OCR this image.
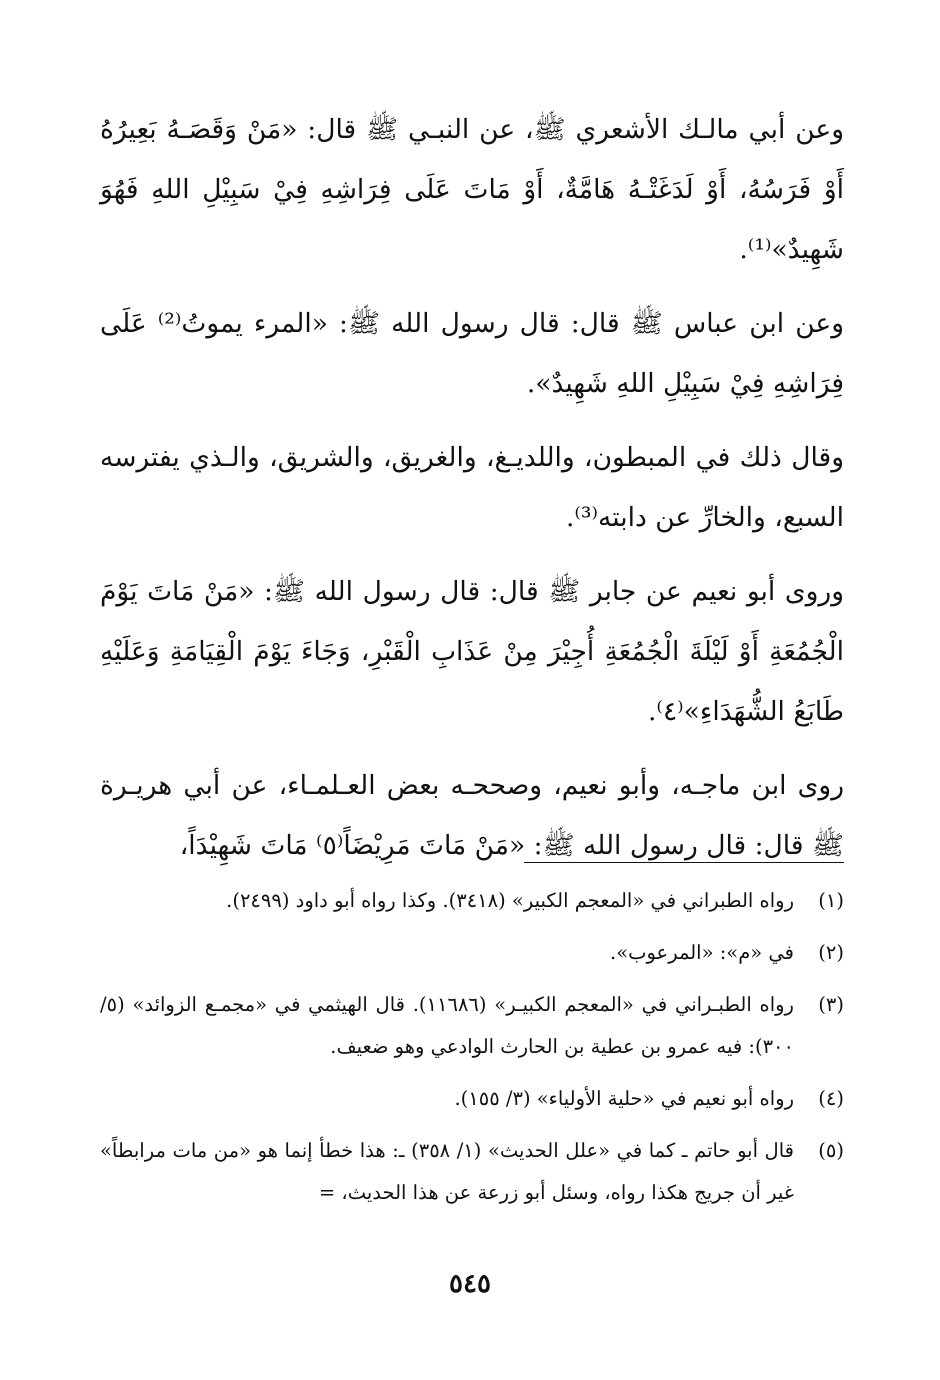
وعن أبي مالـك الأشعري ﷺ، عن النبـي ﷺ قال: «مَنْ وَقَصَـهُ بَعِيرُهُ أَوْ فَرَسُهُ، أَوْ لَدَغَتْـهُ هَامَّةٌ، أَوْ مَاتَ عَلَى فِرَاشِهِ فِيْ سَبِيْلِ اللهِ فَهُوَ شَهِيدٌ»⁽¹⁾.

وعن ابن عباس ﷺ قال: قال رسول الله ﷺ: «المرء يموتُ⁽²⁾ عَلَى فِرَاشِهِ فِيْ سَبِيْلِ اللهِ شَهِيدٌ».

وقال ذلك في المبطون، واللديـغ، والغريق، والشريق، والـذي يفترسه السبع، والخارِّ عن دابته⁽³⁾.

وروى أبو نعيم عن جابر ﷺ قال: قال رسول الله ﷺ: «مَنْ مَاتَ يَوْمَ الْجُمُعَةِ أَوْ لَيْلَةَ الْجُمُعَةِ أُجِيْرَ مِنْ عَذَابِ الْقَبْرِ، وَجَاءَ يَوْمَ الْقِيَامَةِ وَعَلَيْهِ طَابَعُ الشُّهَدَاءِ»⁽٤⁾.

روى ابن ماجـه، وأبو نعيم، وصححـه بعض العـلمـاء، عن أبي هريـرة ﷺ قال: قال رسول الله ﷺ: «مَنْ مَاتَ مَرِيْضَاً⁽٥⁾ مَاتَ شَهِيْدَاً،

(١)
رواه الطبراني في «المعجم الكبير» (٣٤١٨). وكذا رواه أبو داود (٢٤٩٩).
(٢)
في «م»: «المرعوب».
(٣)
رواه الطبـراني في «المعجم الكبيـر» (١١٦٨٦). قال الهيثمي في «مجمـع الزوائد» (٥/ ٣٠٠): فيه عمرو بن عطية بن الحارث الوادعي وهو ضعيف.
(٤)
رواه أبو نعيم في «حلية الأولياء» (٣/ ١٥٥).
(٥)
قال أبو حاتم ـ كما في «علل الحديث» (١/ ٣٥٨) ـ: هذا خطأ إنما هو «من مات مرابطاً» غير أن جريج هكذا رواه، وسئل أبو زرعة عن هذا الحديث، =
٥٤٥
